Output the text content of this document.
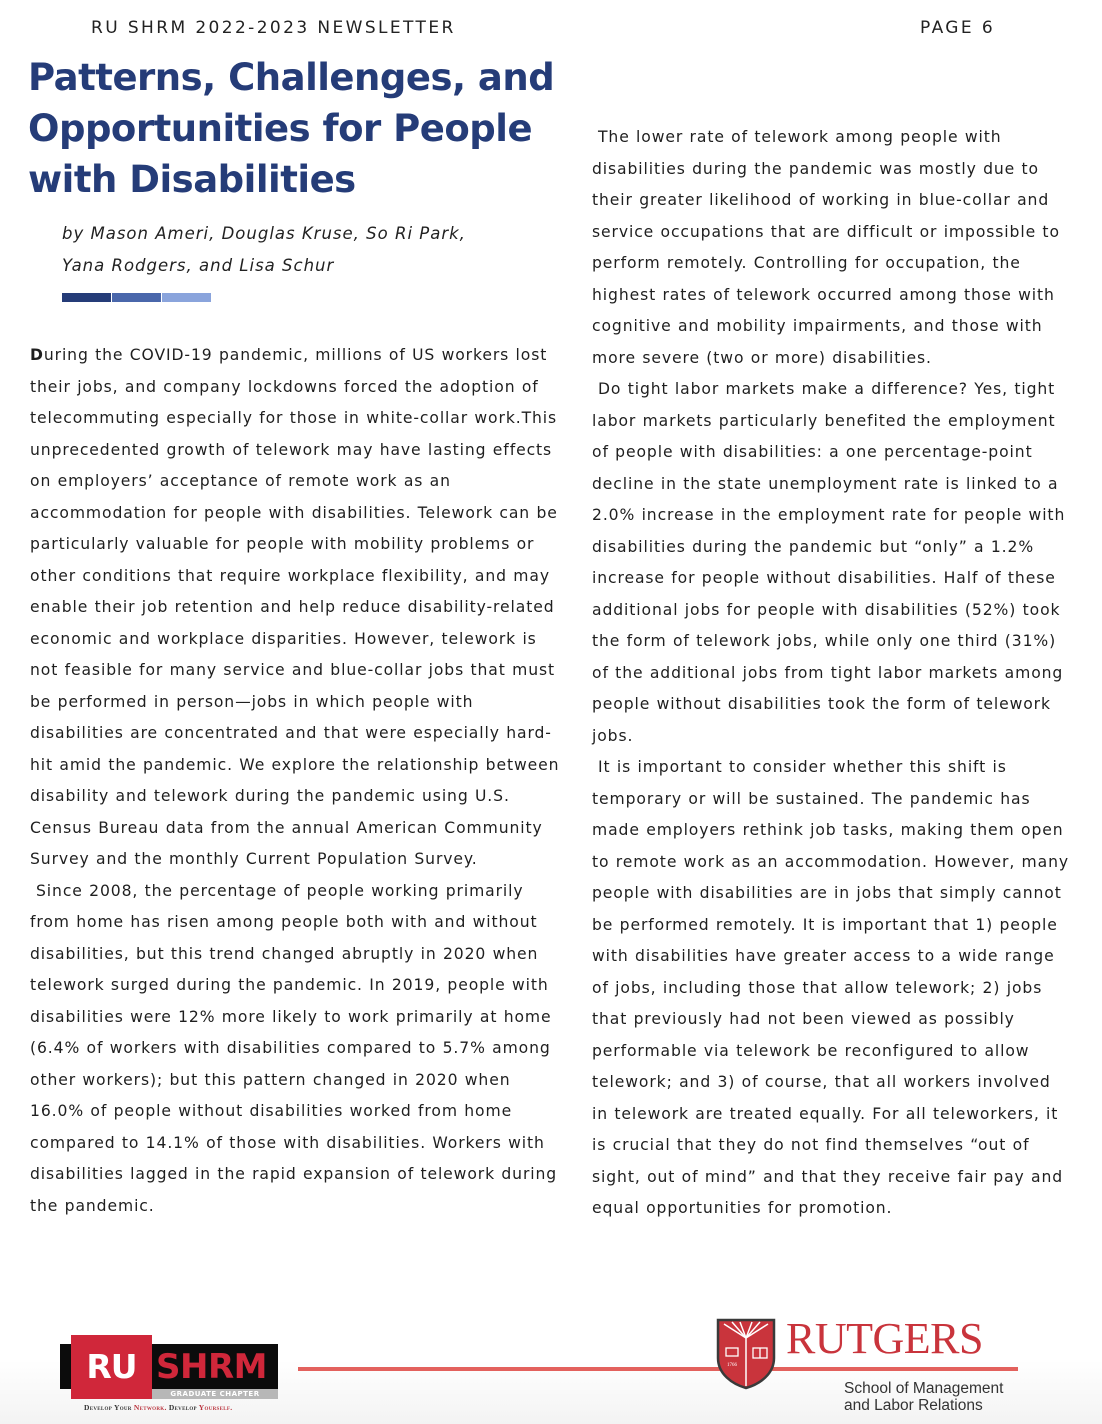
RU SHRM 2022-2023 NEWSLETTER	PAGE 6
Patterns, Challenges, and Opportunities for People with Disabilities
by Mason Ameri, Douglas Kruse, So Ri Park,
Yana Rodgers, and Lisa Schur

During the COVID-19 pandemic, millions of US workers lost their jobs, and company lockdowns forced the adoption of telecommuting especially for those in white-collar work.This unprecedented growth of telework may have lasting effects on employers’ acceptance of remote work as an accommodation for people with disabilities. Telework can be particularly valuable for people with mobility problems or other conditions that require workplace flexibility, and may enable their job retention and help reduce disability-related economic and workplace disparities. However, telework is not feasible for many service and blue-collar jobs that must be performed in person—jobs in which people with disabilities are concentrated and that were especially hard-hit amid the pandemic. We explore the relationship between disability and telework during the pandemic using U.S. Census Bureau data from the annual American Community Survey and the monthly Current Population Survey.

Since 2008, the percentage of people working primarily from home has risen among people both with and without disabilities, but this trend changed abruptly in 2020 when telework surged during the pandemic. In 2019, people with disabilities were 12% more likely to work primarily at home (6.4% of workers with disabilities compared to 5.7% among other workers); but this pattern changed in 2020 when 16.0% of people without disabilities worked from home compared to 14.1% of those with disabilities. Workers with disabilities lagged in the rapid expansion of telework during the pandemic.

The lower rate of telework among people with disabilities during the pandemic was mostly due to their greater likelihood of working in blue-collar and service occupations that are difficult or impossible to perform remotely. Controlling for occupation, the highest rates of telework occurred among those with cognitive and mobility impairments, and those with more severe (two or more) disabilities.

Do tight labor markets make a difference? Yes, tight labor markets particularly benefited the employment of people with disabilities: a one percentage-point decline in the state unemployment rate is linked to a 2.0% increase in the employment rate for people with disabilities during the pandemic but “only” a 1.2% increase for people without disabilities. Half of these additional jobs for people with disabilities (52%) took the form of telework jobs, while only one third (31%) of the additional jobs from tight labor markets among people without disabilities took the form of telework jobs.

It is important to consider whether this shift is temporary or will be sustained. The pandemic has made employers rethink job tasks, making them open to remote work as an accommodation. However, many people with disabilities are in jobs that simply cannot be performed remotely. It is important that 1) people with disabilities have greater access to a wide range of jobs, including those that allow telework; 2) jobs that previously had not been viewed as possibly performable via telework be reconfigured to allow telework; and 3) of course, that all workers involved in telework are treated equally. For all teleworkers, it is crucial that they do not find themselves “out of sight, out of mind” and that they receive fair pay and equal opportunities for promotion.

RU SHRM
GRADUATE CHAPTER
Develop Your Network. Develop Yourself.
1766
RUTGERS
School of Management
and Labor Relations
